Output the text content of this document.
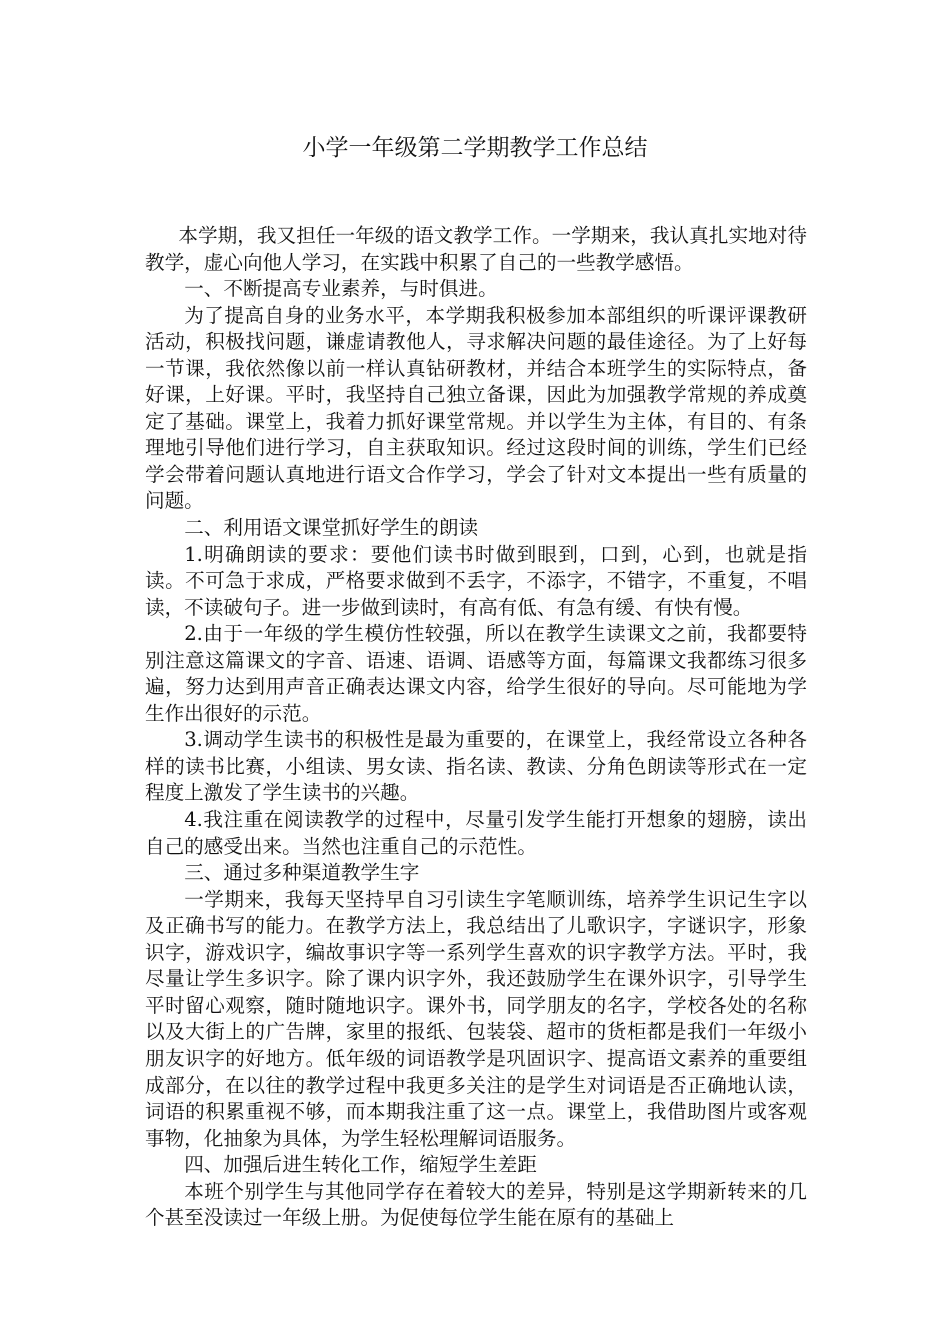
小学一年级第二学期教学工作总结

本学期，我又担任一年级的语文教学工作。一学期来，我认真扎实地对待教学，虚心向他人学习，在实践中积累了自己的一些教学感悟。

一、不断提高专业素养，与时俱进。

为了提高自身的业务水平，本学期我积极参加本部组织的听课评课教研活动，积极找问题，谦虚请教他人，寻求解决问题的最佳途径。为了上好每一节课，我依然像以前一样认真钻研教材，并结合本班学生的实际特点，备好课，上好课。平时，我坚持自己独立备课，因此为加强教学常规的养成奠定了基础。课堂上，我着力抓好课堂常规。并以学生为主体，有目的、有条理地引导他们进行学习，自主获取知识。经过这段时间的训练，学生们已经学会带着问题认真地进行语文合作学习，学会了针对文本提出一些有质量的问题。

二、利用语文课堂抓好学生的朗读

1.明确朗读的要求：要他们读书时做到眼到，口到，心到，也就是指读。不可急于求成，严格要求做到不丢字，不添字，不错字，不重复，不唱读，不读破句子。进一步做到读时，有高有低、有急有缓、有快有慢。

2.由于一年级的学生模仿性较强，所以在教学生读课文之前，我都要特别注意这篇课文的字音、语速、语调、语感等方面，每篇课文我都练习很多遍，努力达到用声音正确表达课文内容，给学生很好的导向。尽可能地为学生作出很好的示范。

3.调动学生读书的积极性是最为重要的，在课堂上，我经常设立各种各样的读书比赛，小组读、男女读、指名读、教读、分角色朗读等形式在一定程度上激发了学生读书的兴趣。

4.我注重在阅读教学的过程中，尽量引发学生能打开想象的翅膀，读出自己的感受出来。当然也注重自己的示范性。

三、通过多种渠道教学生字

一学期来，我每天坚持早自习引读生字笔顺训练，培养学生识记生字以及正确书写的能力。在教学方法上，我总结出了儿歌识字，字谜识字，形象识字，游戏识字，编故事识字等一系列学生喜欢的识字教学方法。平时，我尽量让学生多识字。除了课内识字外，我还鼓励学生在课外识字，引导学生平时留心观察，随时随地识字。课外书，同学朋友的名字，学校各处的名称以及大街上的广告牌，家里的报纸、包装袋、超市的货柜都是我们一年级小朋友识字的好地方。低年级的词语教学是巩固识字、提高语文素养的重要组成部分，在以往的教学过程中我更多关注的是学生对词语是否正确地认读，词语的积累重视不够，而本期我注重了这一点。课堂上，我借助图片或客观事物，化抽象为具体，为学生轻松理解词语服务。

四、加强后进生转化工作，缩短学生差距

本班个别学生与其他同学存在着较大的差异，特别是这学期新转来的几个甚至没读过一年级上册。为促使每位学生能在原有的基础上
